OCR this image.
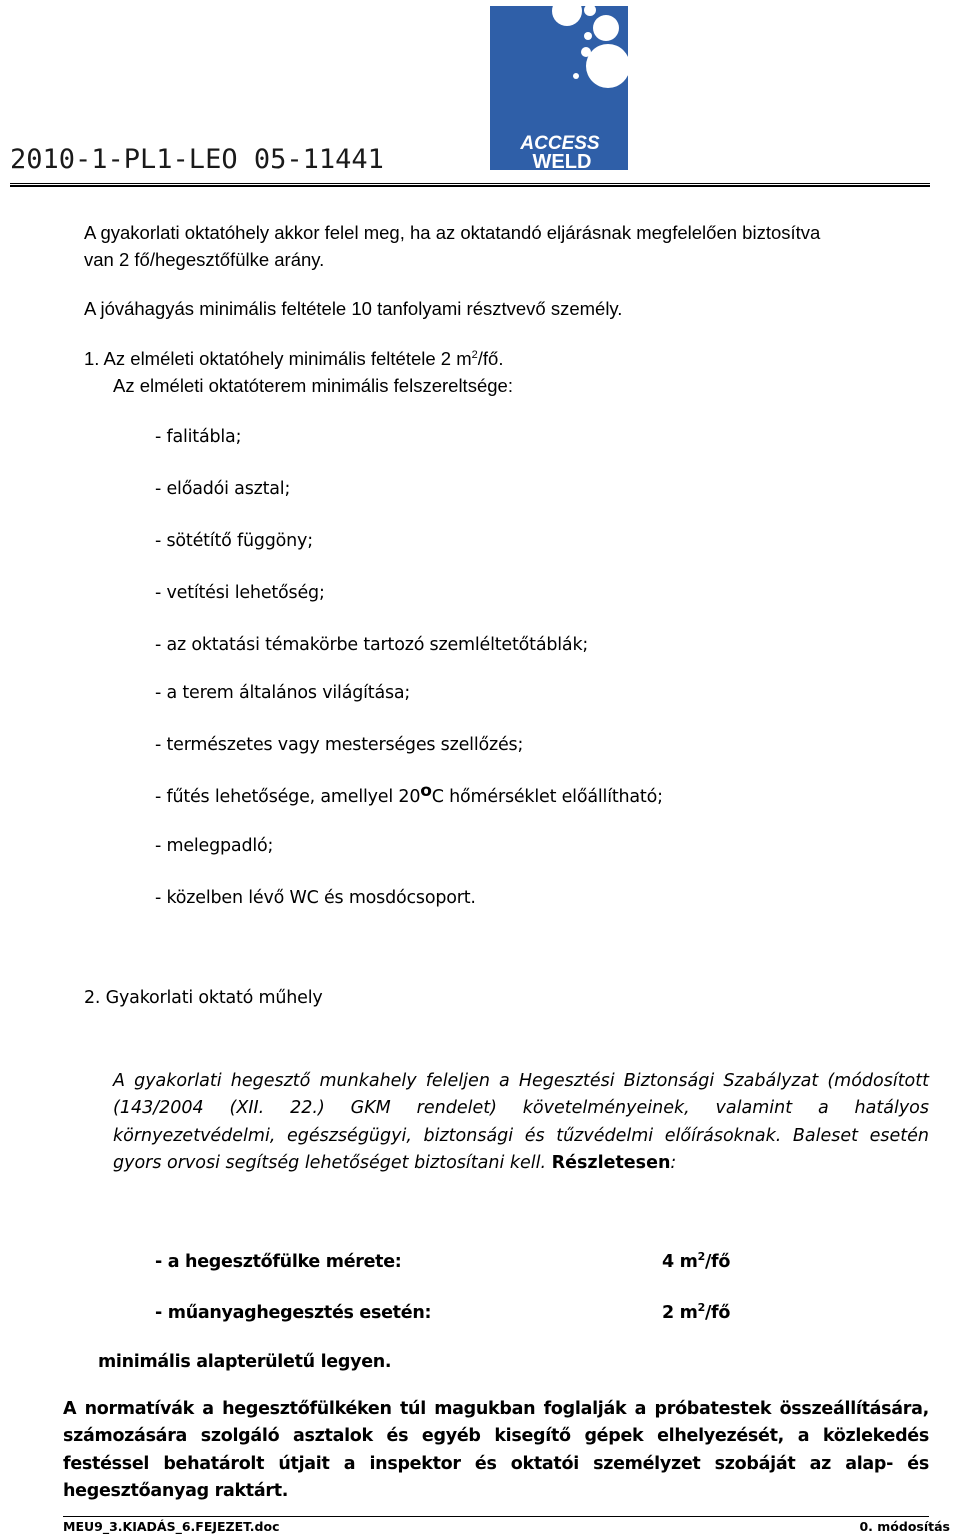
ACCESS
WELD
2010-1-PL1-LEO 05-11441
A gyakorlati oktatóhely akkor felel meg, ha az oktatandó eljárásnak megfelelően biztosítva
van 2 fő/hegesztőfülke arány.
A jóváhagyás minimális feltétele 10 tanfolyami résztvevő személy.
1. Az elméleti oktatóhely minimális feltétele 2 $m^2/fő$.
Az elméleti oktatóterem minimális felszereltsége:
- falitábla;
- előadói asztal;
- sötétítő függöny;
- vetítési lehetőség;
- az oktatási témakörbe tartozó szemléltetőtáblák;
- a terem általános világítása;
- természetes vagy mesterséges szellőzés;
- fűtés lehetősége, amellyel 20oC hőmérséklet előállítható;
- melegpadló;
- közelben lévő WC és mosdócsoport.
2. Gyakorlati oktató műhely
A gyakorlati hegesztő munkahely feleljen a Hegesztési Biztonsági Szabályzat (módosított (143/2004 (XII. 22.) GKM rendelet) követelményeinek, valamint a hatályos környezetvédelmi, egészségügyi, biztonsági és tűzvédelmi előírásoknak. Baleset esetén gyors orvosi segítség lehetőséget biztosítani kell. Részletesen:
- a hegesztőfülke mérete:	4 $m^2/fő$
- műanyaghegesztés esetén:	2 $m^2/fő$
minimális alapterületű legyen.
A normatívák a hegesztőfülkéken túl magukban foglalják a próbatestek összeállítására, számozására szolgáló asztalok és egyéb kisegítő gépek elhelyezését, a közlekedés festéssel behatárolt útjait a inspektor és oktatói személyzet szobáját az alap- és hegesztőanyag raktárt.
MEU9_3.KIADÁS_6.FEJEZET.doc	0. módosítás
